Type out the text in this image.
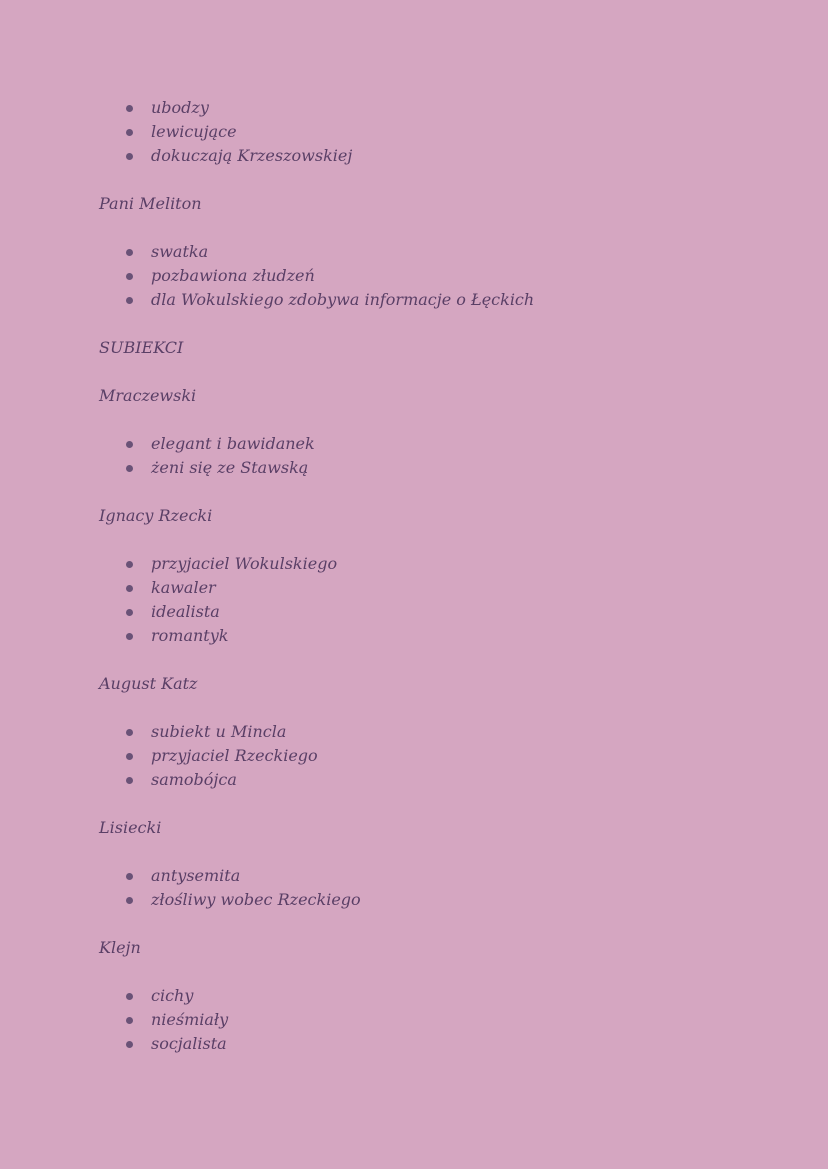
ubodzy
lewicujące
dokuczają Krzeszowskiej

Pani Meliton

swatka
pozbawiona złudzeń
dla Wokulskiego zdobywa informacje o Łęckich

SUBIEKCI

Mraczewski

elegant i bawidanek
żeni się ze Stawską

Ignacy Rzecki

przyjaciel Wokulskiego
kawaler
idealista
romantyk

August Katz

subiekt u Mincla
przyjaciel Rzeckiego
samobójca

Lisiecki

antysemita
złośliwy wobec Rzeckiego

Klejn

cichy
nieśmiały
socjalista
